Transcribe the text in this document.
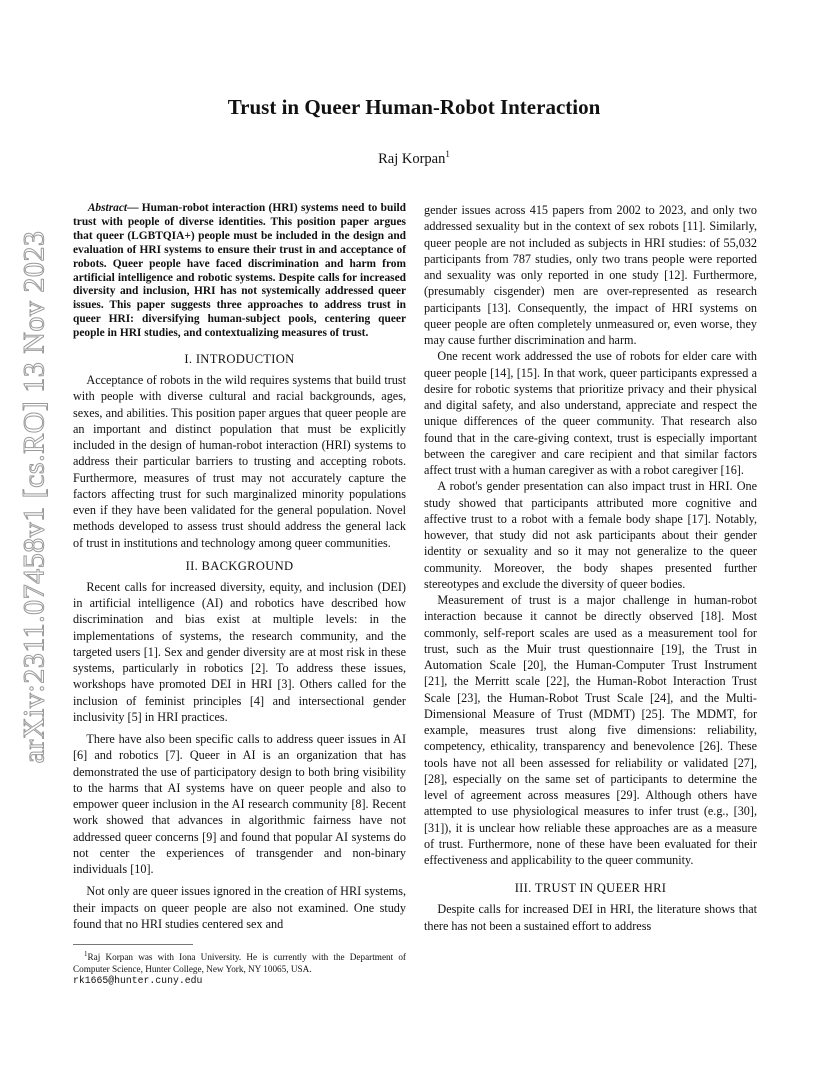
arXiv:2311.07458v1 [cs.RO] 13 Nov 2023
Trust in Queer Human-Robot Interaction
Raj Korpan$^1$

Abstract— Human-robot interaction (HRI) systems need to build trust with people of diverse identities. This position paper argues that queer (LGBTQIA+) people must be included in the design and evaluation of HRI systems to ensure their trust in and acceptance of robots. Queer people have faced discrimination and harm from artificial intelligence and robotic systems. Despite calls for increased diversity and inclusion, HRI has not systemically addressed queer issues. This paper suggests three approaches to address trust in queer HRI: diversifying human-subject pools, centering queer people in HRI studies, and contextualizing measures of trust.

I. INTRODUCTION

Acceptance of robots in the wild requires systems that build trust with people with diverse cultural and racial backgrounds, ages, sexes, and abilities. This position paper argues that queer people are an important and distinct population that must be explicitly included in the design of human-robot interaction (HRI) systems to address their particular barriers to trusting and accepting robots. Furthermore, measures of trust may not accurately capture the factors affecting trust for such marginalized minority populations even if they have been validated for the general population. Novel methods developed to assess trust should address the general lack of trust in institutions and technology among queer communities.

II. BACKGROUND

Recent calls for increased diversity, equity, and inclusion (DEI) in artificial intelligence (AI) and robotics have described how discrimination and bias exist at multiple levels: in the implementations of systems, the research community, and the targeted users [1]. Sex and gender diversity are at most risk in these systems, particularly in robotics [2]. To address these issues, workshops have promoted DEI in HRI [3]. Others called for the inclusion of feminist principles [4] and intersectional gender inclusivity [5] in HRI practices.

There have also been specific calls to address queer issues in AI [6] and robotics [7]. Queer in AI is an organization that has demonstrated the use of participatory design to both bring visibility to the harms that AI systems have on queer people and also to empower queer inclusion in the AI research community [8]. Recent work showed that advances in algorithmic fairness have not addressed queer concerns [9] and found that popular AI systems do not center the experiences of transgender and non-binary individuals [10].

Not only are queer issues ignored in the creation of HRI systems, their impacts on queer people are also not examined. One study found that no HRI studies centered sex and

$^1$Raj Korpan was with Iona University. He is currently with the Department of Computer Science, Hunter College, New York, NY 10065, USA.
rk1665@hunter.cuny.edu

gender issues across 415 papers from 2002 to 2023, and only two addressed sexuality but in the context of sex robots [11]. Similarly, queer people are not included as subjects in HRI studies: of 55,032 participants from 787 studies, only two trans people were reported and sexuality was only reported in one study [12]. Furthermore, (presumably cisgender) men are over-represented as research participants [13]. Consequently, the impact of HRI systems on queer people are often completely unmeasured or, even worse, they may cause further discrimination and harm.

One recent work addressed the use of robots for elder care with queer people [14], [15]. In that work, queer participants expressed a desire for robotic systems that prioritize privacy and their physical and digital safety, and also understand, appreciate and respect the unique differences of the queer community. That research also found that in the care-giving context, trust is especially important between the caregiver and care recipient and that similar factors affect trust with a human caregiver as with a robot caregiver [16].

A robot's gender presentation can also impact trust in HRI. One study showed that participants attributed more cognitive and affective trust to a robot with a female body shape [17]. Notably, however, that study did not ask participants about their gender identity or sexuality and so it may not generalize to the queer community. Moreover, the body shapes presented further stereotypes and exclude the diversity of queer bodies.

Measurement of trust is a major challenge in human-robot interaction because it cannot be directly observed [18]. Most commonly, self-report scales are used as a measurement tool for trust, such as the Muir trust questionnaire [19], the Trust in Automation Scale [20], the Human-Computer Trust Instrument [21], the Merritt scale [22], the Human-Robot Interaction Trust Scale [23], the Human-Robot Trust Scale [24], and the Multi-Dimensional Measure of Trust (MDMT) [25]. The MDMT, for example, measures trust along five dimensions: reliability, competency, ethicality, transparency and benevolence [26]. These tools have not all been assessed for reliability or validated [27], [28], especially on the same set of participants to determine the level of agreement across measures [29]. Although others have attempted to use physiological measures to infer trust (e.g., [30], [31]), it is unclear how reliable these approaches are as a measure of trust. Furthermore, none of these have been evaluated for their effectiveness and applicability to the queer community.

III. TRUST IN QUEER HRI

Despite calls for increased DEI in HRI, the literature shows that there has not been a sustained effort to address
